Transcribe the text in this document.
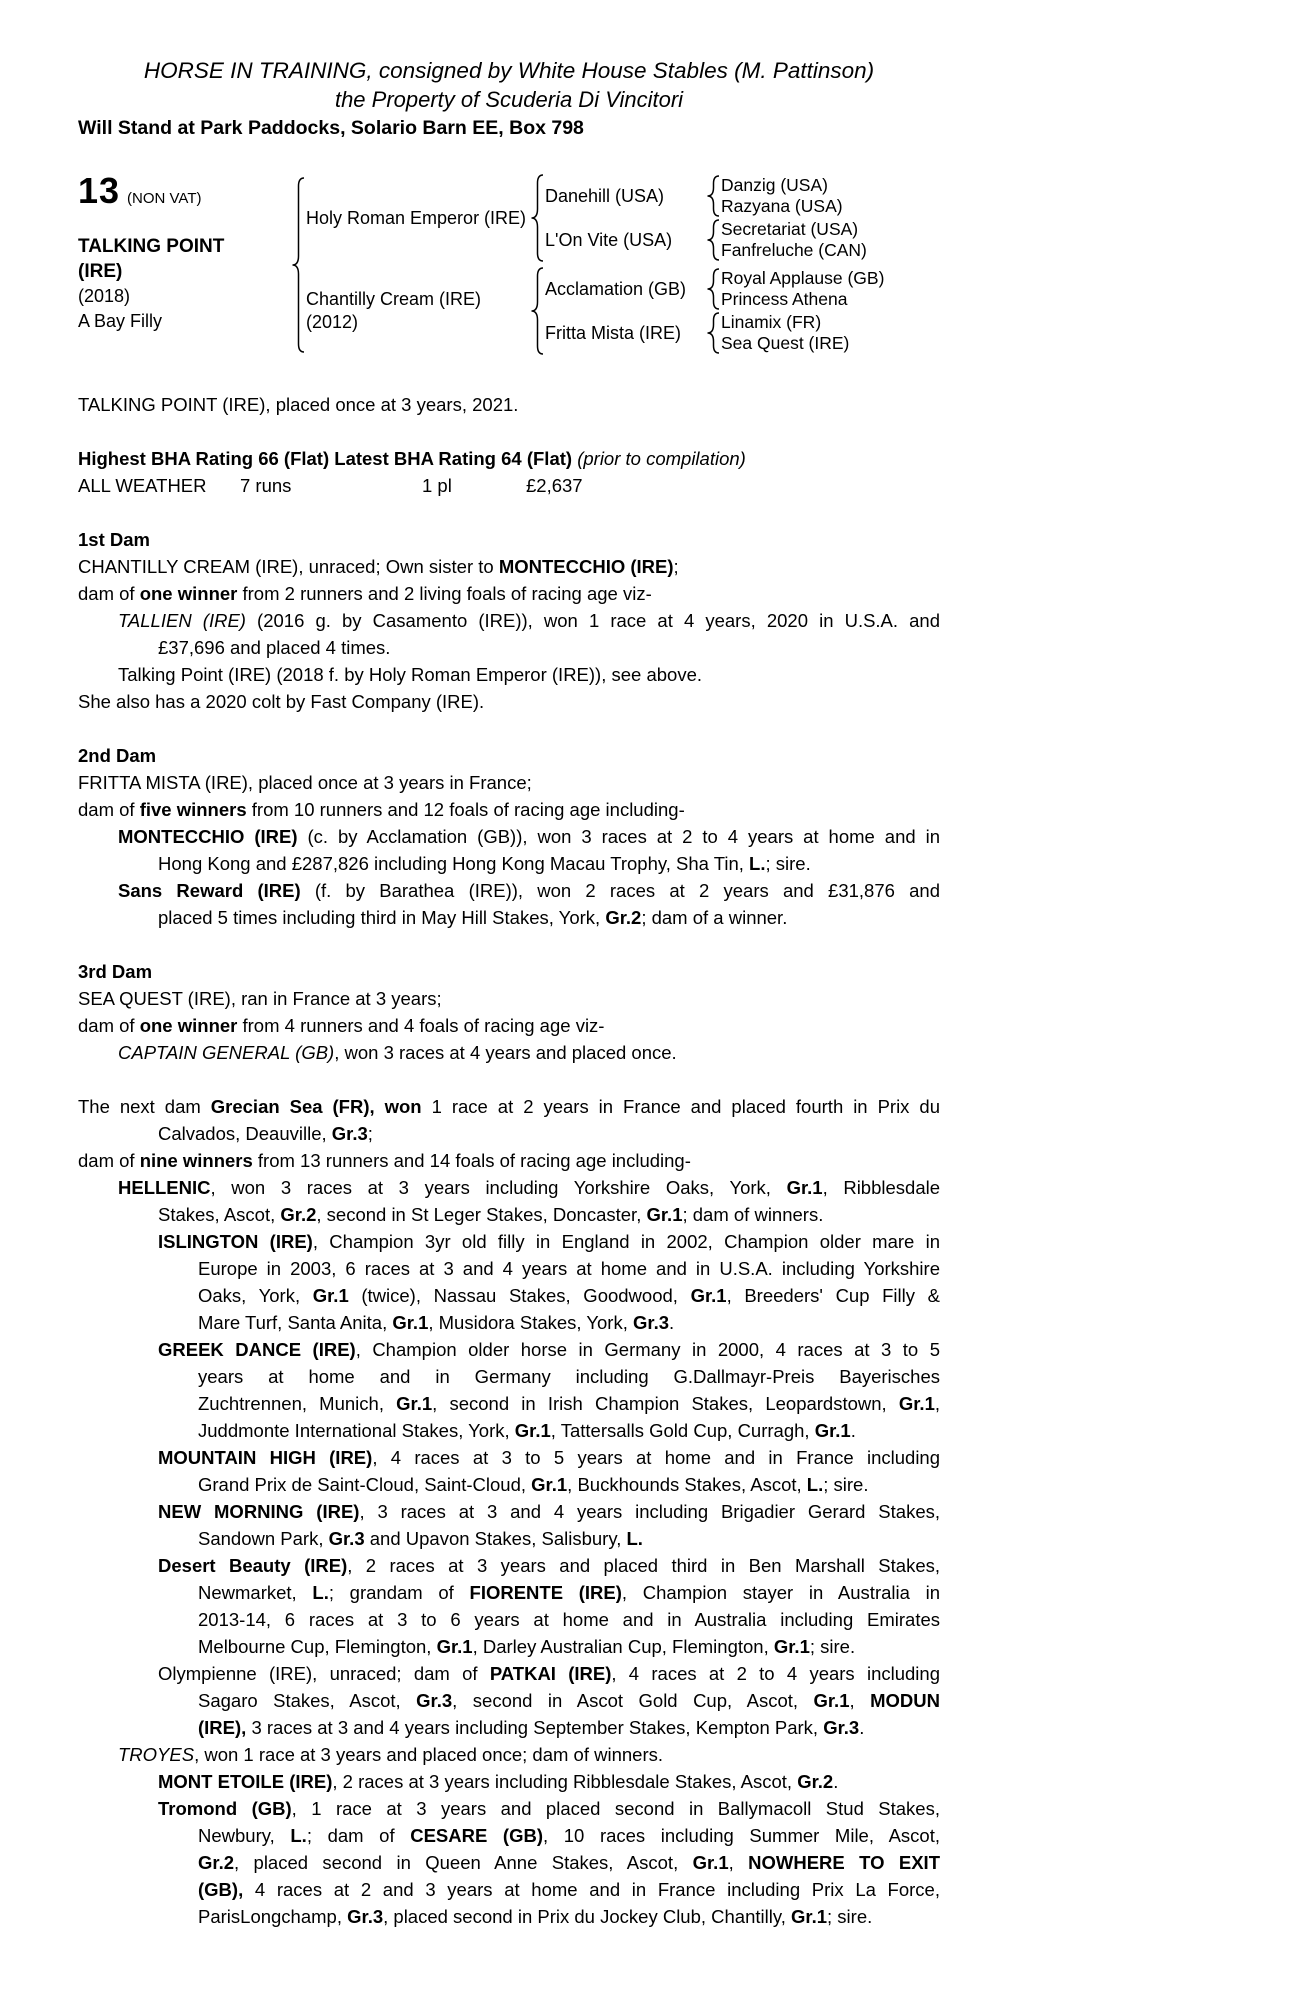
HORSE IN TRAINING, consigned by White House Stables (M. Pattinson)
the Property of Scuderia Di Vincitori
Will Stand at Park Paddocks, Solario Barn EE, Box 798
13 (NON VAT)
TALKING POINT
(IRE)
(2018)
A Bay Filly
Holy Roman Emperor (IRE)
Danehill (USA)
Danzig (USA)
Razyana (USA)
L'On Vite (USA)
Secretariat (USA)
Fanfreluche (CAN)
Chantilly Cream (IRE)
(2012)
Acclamation (GB)
Royal Applause (GB)
Princess Athena
Fritta Mista (IRE)
Linamix (FR)
Sea Quest (IRE)
TALKING POINT (IRE), placed once at 3 years, 2021.
Highest BHA Rating 66 (Flat) Latest BHA Rating 64 (Flat) (prior to compilation)
ALL WEATHER 7 runs	1 pl	£2,637
1st Dam
CHANTILLY CREAM (IRE), unraced; Own sister to MONTECCHIO (IRE);
dam of one winner from 2 runners and 2 living foals of racing age viz-
TALLIEN (IRE) (2016 g. by Casamento (IRE)), won 1 race at 4 years, 2020 in U.S.A. and
£37,696 and placed 4 times.
Talking Point (IRE) (2018 f. by Holy Roman Emperor (IRE)), see above.
She also has a 2020 colt by Fast Company (IRE).
2nd Dam
FRITTA MISTA (IRE), placed once at 3 years in France;
dam of five winners from 10 runners and 12 foals of racing age including-
MONTECCHIO (IRE) (c. by Acclamation (GB)), won 3 races at 2 to 4 years at home and in
Hong Kong and £287,826 including Hong Kong Macau Trophy, Sha Tin, L.; sire.
Sans Reward (IRE) (f. by Barathea (IRE)), won 2 races at 2 years and £31,876 and
placed 5 times including third in May Hill Stakes, York, Gr.2; dam of a winner.
3rd Dam
SEA QUEST (IRE), ran in France at 3 years;
dam of one winner from 4 runners and 4 foals of racing age viz-
CAPTAIN GENERAL (GB), won 3 races at 4 years and placed once.
The next dam Grecian Sea (FR), won 1 race at 2 years in France and placed fourth in Prix du
Calvados, Deauville, Gr.3;
dam of nine winners from 13 runners and 14 foals of racing age including-
HELLENIC, won 3 races at 3 years including Yorkshire Oaks, York, Gr.1, Ribblesdale
Stakes, Ascot, Gr.2, second in St Leger Stakes, Doncaster, Gr.1; dam of winners.
ISLINGTON (IRE), Champion 3yr old filly in England in 2002, Champion older mare in
Europe in 2003, 6 races at 3 and 4 years at home and in U.S.A. including Yorkshire
Oaks, York, Gr.1 (twice), Nassau Stakes, Goodwood, Gr.1, Breeders' Cup Filly &
Mare Turf, Santa Anita, Gr.1, Musidora Stakes, York, Gr.3.
GREEK DANCE (IRE), Champion older horse in Germany in 2000, 4 races at 3 to 5
years at home and in Germany including G.Dallmayr-Preis Bayerisches
Zuchtrennen, Munich, Gr.1, second in Irish Champion Stakes, Leopardstown, Gr.1,
Juddmonte International Stakes, York, Gr.1, Tattersalls Gold Cup, Curragh, Gr.1.
MOUNTAIN HIGH (IRE), 4 races at 3 to 5 years at home and in France including
Grand Prix de Saint-Cloud, Saint-Cloud, Gr.1, Buckhounds Stakes, Ascot, L.; sire.
NEW MORNING (IRE), 3 races at 3 and 4 years including Brigadier Gerard Stakes,
Sandown Park, Gr.3 and Upavon Stakes, Salisbury, L.
Desert Beauty (IRE), 2 races at 3 years and placed third in Ben Marshall Stakes,
Newmarket, L.; grandam of FIORENTE (IRE), Champion stayer in Australia in
2013-14, 6 races at 3 to 6 years at home and in Australia including Emirates
Melbourne Cup, Flemington, Gr.1, Darley Australian Cup, Flemington, Gr.1; sire.
Olympienne (IRE), unraced; dam of PATKAI (IRE), 4 races at 2 to 4 years including
Sagaro Stakes, Ascot, Gr.3, second in Ascot Gold Cup, Ascot, Gr.1, MODUN
(IRE), 3 races at 3 and 4 years including September Stakes, Kempton Park, Gr.3.
TROYES, won 1 race at 3 years and placed once; dam of winners.
MONT ETOILE (IRE), 2 races at 3 years including Ribblesdale Stakes, Ascot, Gr.2.
Tromond (GB), 1 race at 3 years and placed second in Ballymacoll Stud Stakes,
Newbury, L.; dam of CESARE (GB), 10 races including Summer Mile, Ascot,
Gr.2, placed second in Queen Anne Stakes, Ascot, Gr.1, NOWHERE TO EXIT
(GB), 4 races at 2 and 3 years at home and in France including Prix La Force,
ParisLongchamp, Gr.3, placed second in Prix du Jockey Club, Chantilly, Gr.1; sire.
